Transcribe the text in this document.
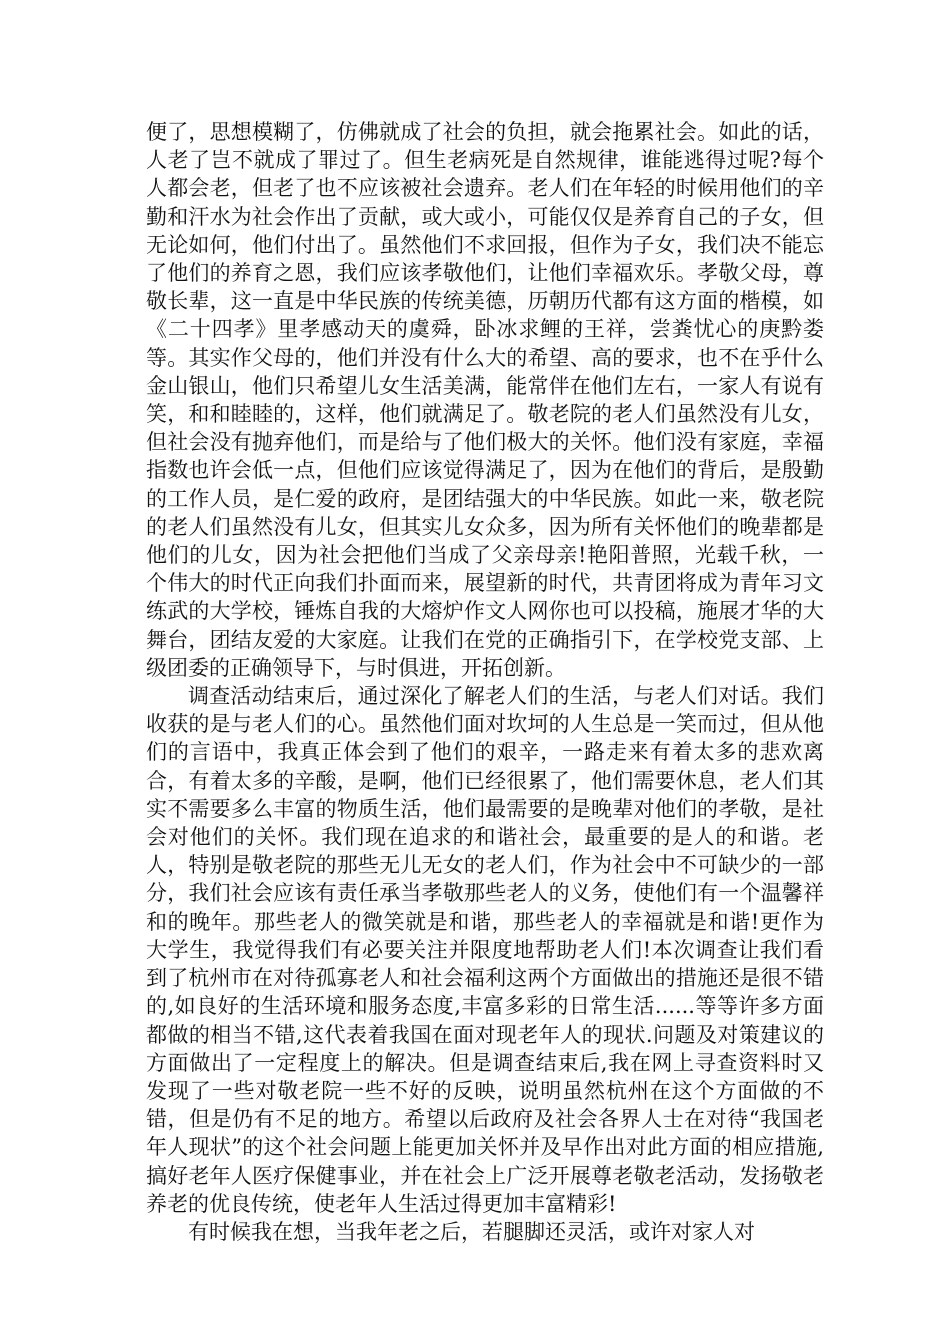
便了，思想模糊了，仿佛就成了社会的负担，就会拖累社会。如此的话，人老了岂不就成了罪过了。但生老病死是自然规律，谁能逃得过呢?每个人都会老，但老了也不应该被社会遗弃。老人们在年轻的时候用他们的辛勤和汗水为社会作出了贡献，或大或小，可能仅仅是养育自己的子女，但无论如何，他们付出了。虽然他们不求回报，但作为子女，我们决不能忘了他们的养育之恩，我们应该孝敬他们，让他们幸福欢乐。孝敬父母，尊敬长辈，这一直是中华民族的传统美德，历朝历代都有这方面的楷模，如《二十四孝》里孝感动天的虞舜，卧冰求鲤的王祥，尝粪忧心的庚黔娄等。其实作父母的，他们并没有什么大的希望、高的要求，也不在乎什么金山银山，他们只希望儿女生活美满，能常伴在他们左右，一家人有说有笑，和和睦睦的，这样，他们就满足了。敬老院的老人们虽然没有儿女，但社会没有抛弃他们，而是给与了他们极大的关怀。他们没有家庭，幸福指数也许会低一点，但他们应该觉得满足了，因为在他们的背后，是殷勤的工作人员，是仁爱的政府，是团结强大的中华民族。如此一来，敬老院的老人们虽然没有儿女，但其实儿女众多，因为所有关怀他们的晚辈都是他们的儿女，因为社会把他们当成了父亲母亲!艳阳普照，光载千秋，一个伟大的时代正向我们扑面而来，展望新的时代，共青团将成为青年习文练武的大学校，锤炼自我的大熔炉作文人网你也可以投稿，施展才华的大舞台，团结友爱的大家庭。让我们在党的正确指引下，在学校党支部、上级团委的正确领导下，与时俱进，开拓创新。

调查活动结束后，通过深化了解老人们的生活，与老人们对话。我们收获的是与老人们的心。虽然他们面对坎坷的人生总是一笑而过，但从他们的言语中，我真正体会到了他们的艰辛，一路走来有着太多的悲欢离合，有着太多的辛酸，是啊，他们已经很累了，他们需要休息，老人们其实不需要多么丰富的物质生活，他们最需要的是晚辈对他们的孝敬，是社会对他们的关怀。我们现在追求的和谐社会，最重要的是人的和谐。老人，特别是敬老院的那些无儿无女的老人们，作为社会中不可缺少的一部分，我们社会应该有责任承当孝敬那些老人的义务，使他们有一个温馨祥和的晚年。那些老人的微笑就是和谐，那些老人的幸福就是和谐!更作为大学生，我觉得我们有必要关注并限度地帮助老人们!本次调查让我们看到了杭州市在对待孤寡老人和社会福利这两个方面做出的措施还是很不错的,如良好的生活环境和服务态度,丰富多彩的日常生活......等等许多方面都做的相当不错,这代表着我国在面对现老年人的现状.问题及对策建议的方面做出了一定程度上的解决。但是调查结束后,我在网上寻查资料时又发现了一些对敬老院一些不好的反映，说明虽然杭州在这个方面做的不错，但是仍有不足的地方。希望以后政府及社会各界人士在对待“我国老年人现状”的这个社会问题上能更加关怀并及早作出对此方面的相应措施,搞好老年人医疗保健事业，并在社会上广泛开展尊老敬老活动，发扬敬老养老的优良传统，使老年人生活过得更加丰富精彩!

有时候我在想，当我年老之后，若腿脚还灵活，或许对家人对
